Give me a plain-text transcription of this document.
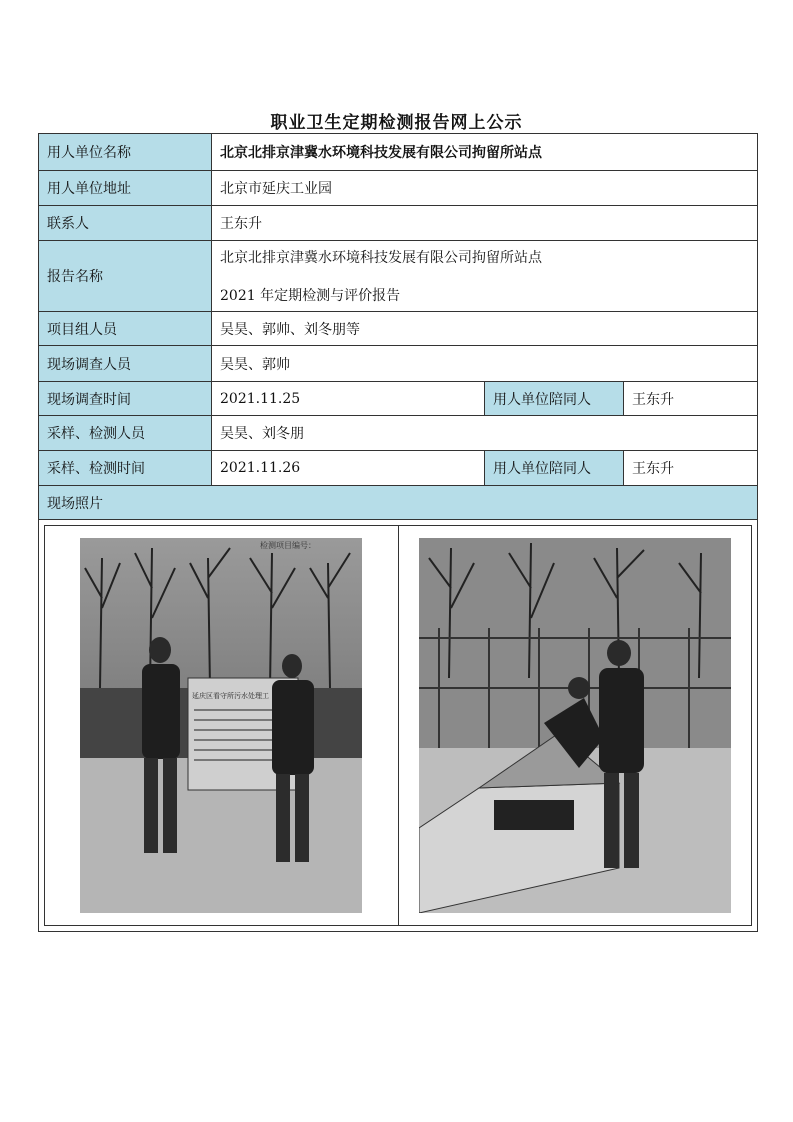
职业卫生定期检测报告网上公示
用人单位名称	北京北排京津冀水环境科技发展有限公司拘留所站点		
用人单位地址	北京市延庆工业园		
联系人	王东升		
报告名称	北京北排京津冀水环境科技发展有限公司拘留所站点
2021 年定期检测与评价报告		

项目组人员	吴昊、郭帅、刘冬朋等		
现场调查人员	吴昊、郭帅		
现场调查时间	2021.11.25	用人单位陪同人	王东升
采样、检测人员	吴昊、刘冬朋		
采样、检测时间	2021.11.26	用人单位陪同人	王东升
现场照片			

延庆区看守所污水处理工
检测项目编号：			
